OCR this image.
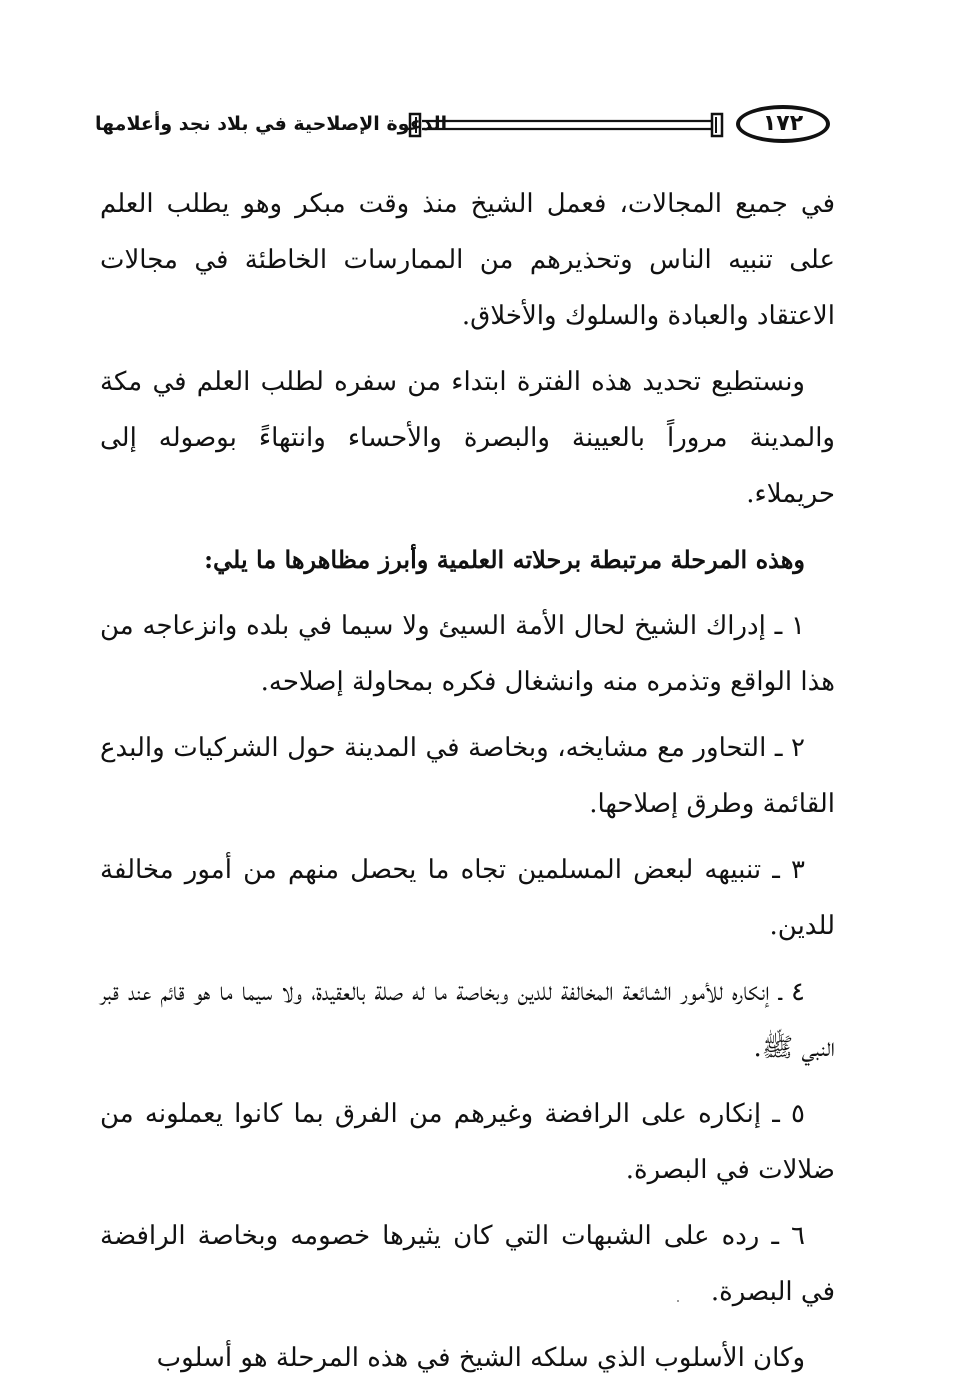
١٧٢
الدعوة الإصلاحية في بلاد نجد وأعلامها

في جميع المجالات، فعمل الشيخ منذ وقت مبكر وهو يطلب العلم على تنبيه الناس وتحذيرهم من الممارسات الخاطئة في مجالات الاعتقاد والعبادة والسلوك والأخلاق.

ونستطيع تحديد هذه الفترة ابتداء من سفره لطلب العلم في مكة والمدينة مروراً بالعيينة والبصرة والأحساء وانتهاءً بوصوله إلى حريملاء.

وهذه المرحلة مرتبطة برحلاته العلمية وأبرز مظاهرها ما يلي:

١ ـ إدراك الشيخ لحال الأمة السيئ ولا سيما في بلده وانزعاجه من هذا الواقع وتذمره منه وانشغال فكره بمحاولة إصلاحه.

٢ ـ التحاور مع مشايخه، وبخاصة في المدينة حول الشركيات والبدع القائمة وطرق إصلاحها.

٣ ـ تنبيهه لبعض المسلمين تجاه ما يحصل منهم من أمور مخالفة للدين.

٤ ـ إنكاره للأمور الشائعة المخالفة للدين وبخاصة ما له صلة بالعقيدة، ولا سيما ما هو قائم عند قبر النبي ﷺ.

٥ ـ إنكاره على الرافضة وغيرهم من الفرق بما كانوا يعملونه من ضلالات في البصرة.

٦ ـ رده على الشبهات التي كان يثيرها خصومه وبخاصة الرافضة في البصرة.

وكان الأسلوب الذي سلكه الشيخ في هذه المرحلة هو أسلوب
